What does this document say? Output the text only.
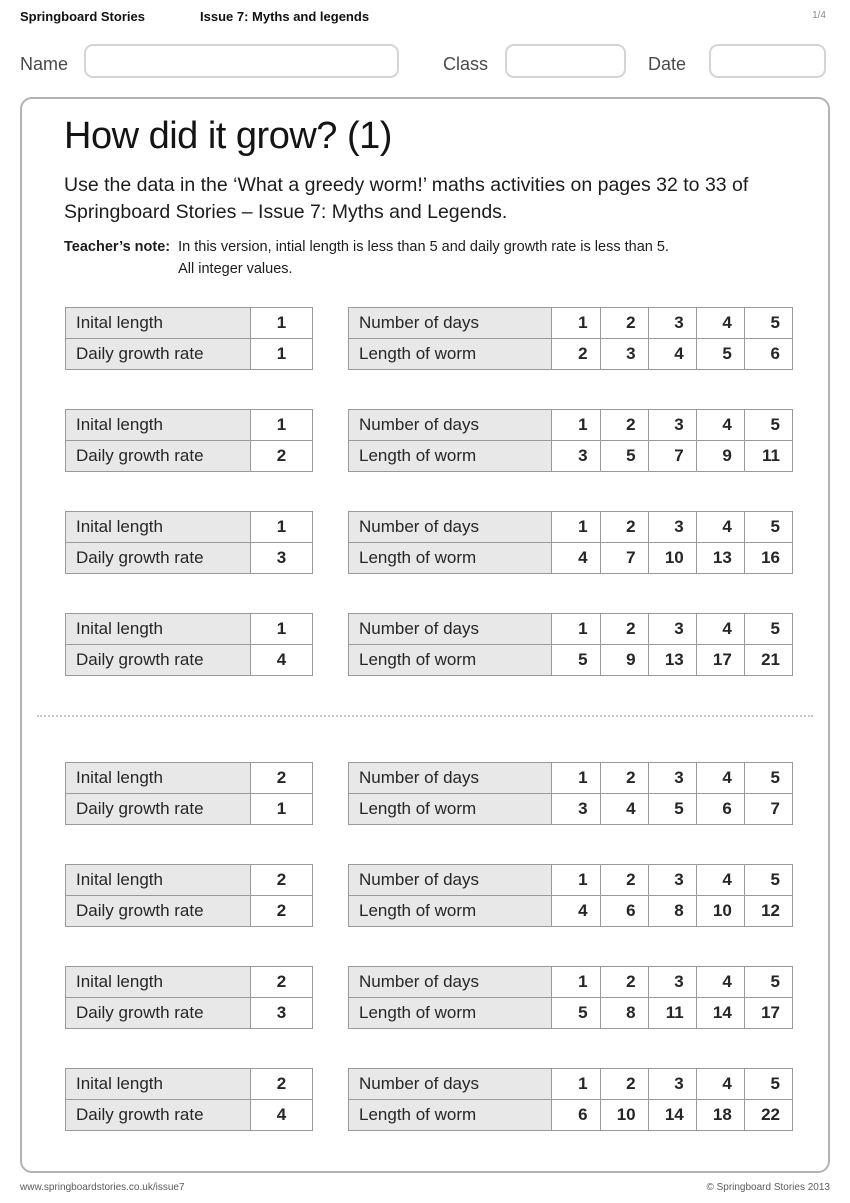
Springboard Stories	Issue 7: Myths and legends	1/4
Name	Class	Date
How did it grow? (1)

Use the data in the ‘What a greedy worm!’ maths activities on pages 32 to 33 of Springboard Stories – Issue 7: Myths and Legends.

Teacher’s note: In this version, intial length is less than 5 and daily growth rate is less than 5.
All integer values.
Inital length	1
Daily growth rate	1
Number of days	1	2	3	4	5
Length of worm	2	3	4	5	6
Inital length	1
Daily growth rate	2
Number of days	1	2	3	4	5
Length of worm	3	5	7	9	11
Inital length	1
Daily growth rate	3
Number of days	1	2	3	4	5
Length of worm	4	7	10	13	16
Inital length	1
Daily growth rate	4
Number of days	1	2	3	4	5
Length of worm	5	9	13	17	21
Inital length	2
Daily growth rate	1
Number of days	1	2	3	4	5
Length of worm	3	4	5	6	7
Inital length	2
Daily growth rate	2
Number of days	1	2	3	4	5
Length of worm	4	6	8	10	12
Inital length	2
Daily growth rate	3
Number of days	1	2	3	4	5
Length of worm	5	8	11	14	17
Inital length	2
Daily growth rate	4
Number of days	1	2	3	4	5
Length of worm	6	10	14	18	22
www.springboardstories.co.uk/issue7	© Springboard Stories 2013
